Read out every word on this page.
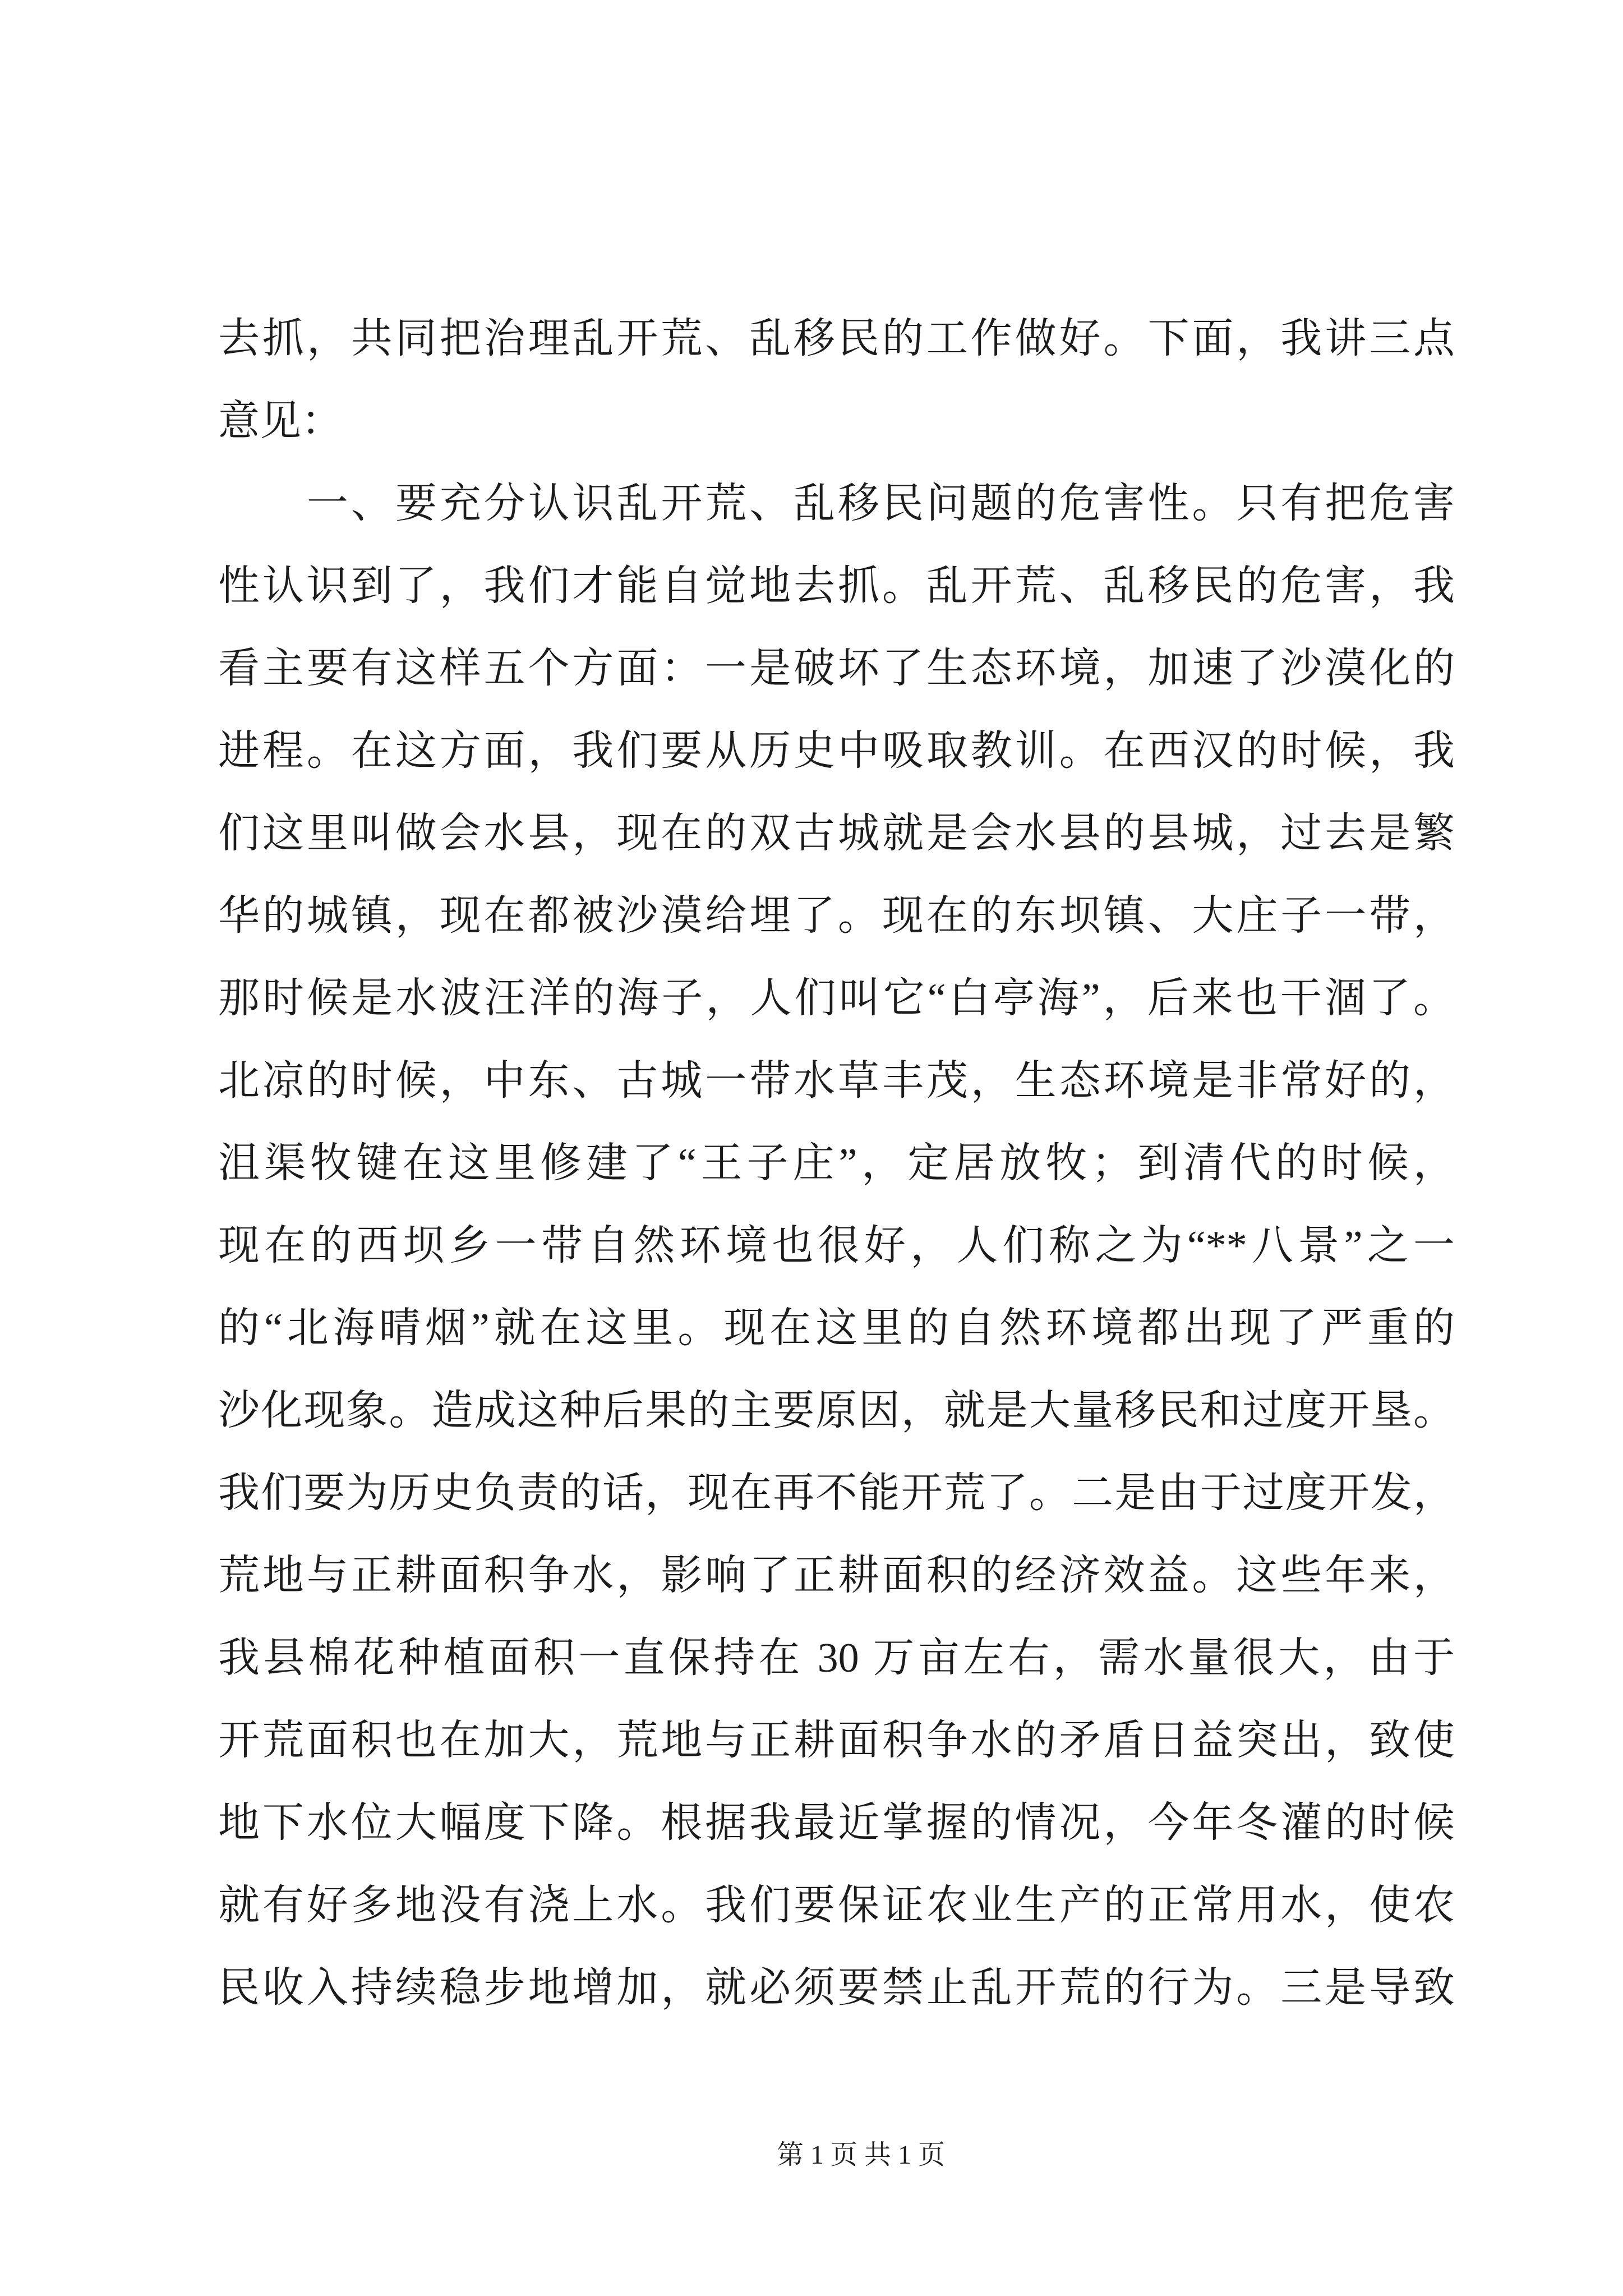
去抓，共同把治理乱开荒、乱移民的工作做好。下面，我讲三点
意见：
一、要充分认识乱开荒、乱移民问题的危害性。只有把危害
性认识到了，我们才能自觉地去抓。乱开荒、乱移民的危害，我
看主要有这样五个方面：一是破坏了生态环境，加速了沙漠化的
进程。在这方面，我们要从历史中吸取教训。在西汉的时候，我
们这里叫做会水县，现在的双古城就是会水县的县城，过去是繁
华的城镇，现在都被沙漠给埋了。现在的东坝镇、大庄子一带，
那时候是水波汪洋的海子，人们叫它“白亭海”，后来也干涸了。
北凉的时候，中东、古城一带水草丰茂，生态环境是非常好的，
沮渠牧键在这里修建了“王子庄”，定居放牧；到清代的时候，
现在的西坝乡一带自然环境也很好，人们称之为“**八景”之一
的“北海晴烟”就在这里。现在这里的自然环境都出现了严重的
沙化现象。造成这种后果的主要原因，就是大量移民和过度开垦。
我们要为历史负责的话，现在再不能开荒了。二是由于过度开发，
荒地与正耕面积争水，影响了正耕面积的经济效益。这些年来，
我县棉花种植面积一直保持在 30 万亩左右，需水量很大，由于
开荒面积也在加大，荒地与正耕面积争水的矛盾日益突出，致使
地下水位大幅度下降。根据我最近掌握的情况，今年冬灌的时候
就有好多地没有浇上水。我们要保证农业生产的正常用水，使农
民收入持续稳步地增加，就必须要禁止乱开荒的行为。三是导致
第 1 页 共 1 页
